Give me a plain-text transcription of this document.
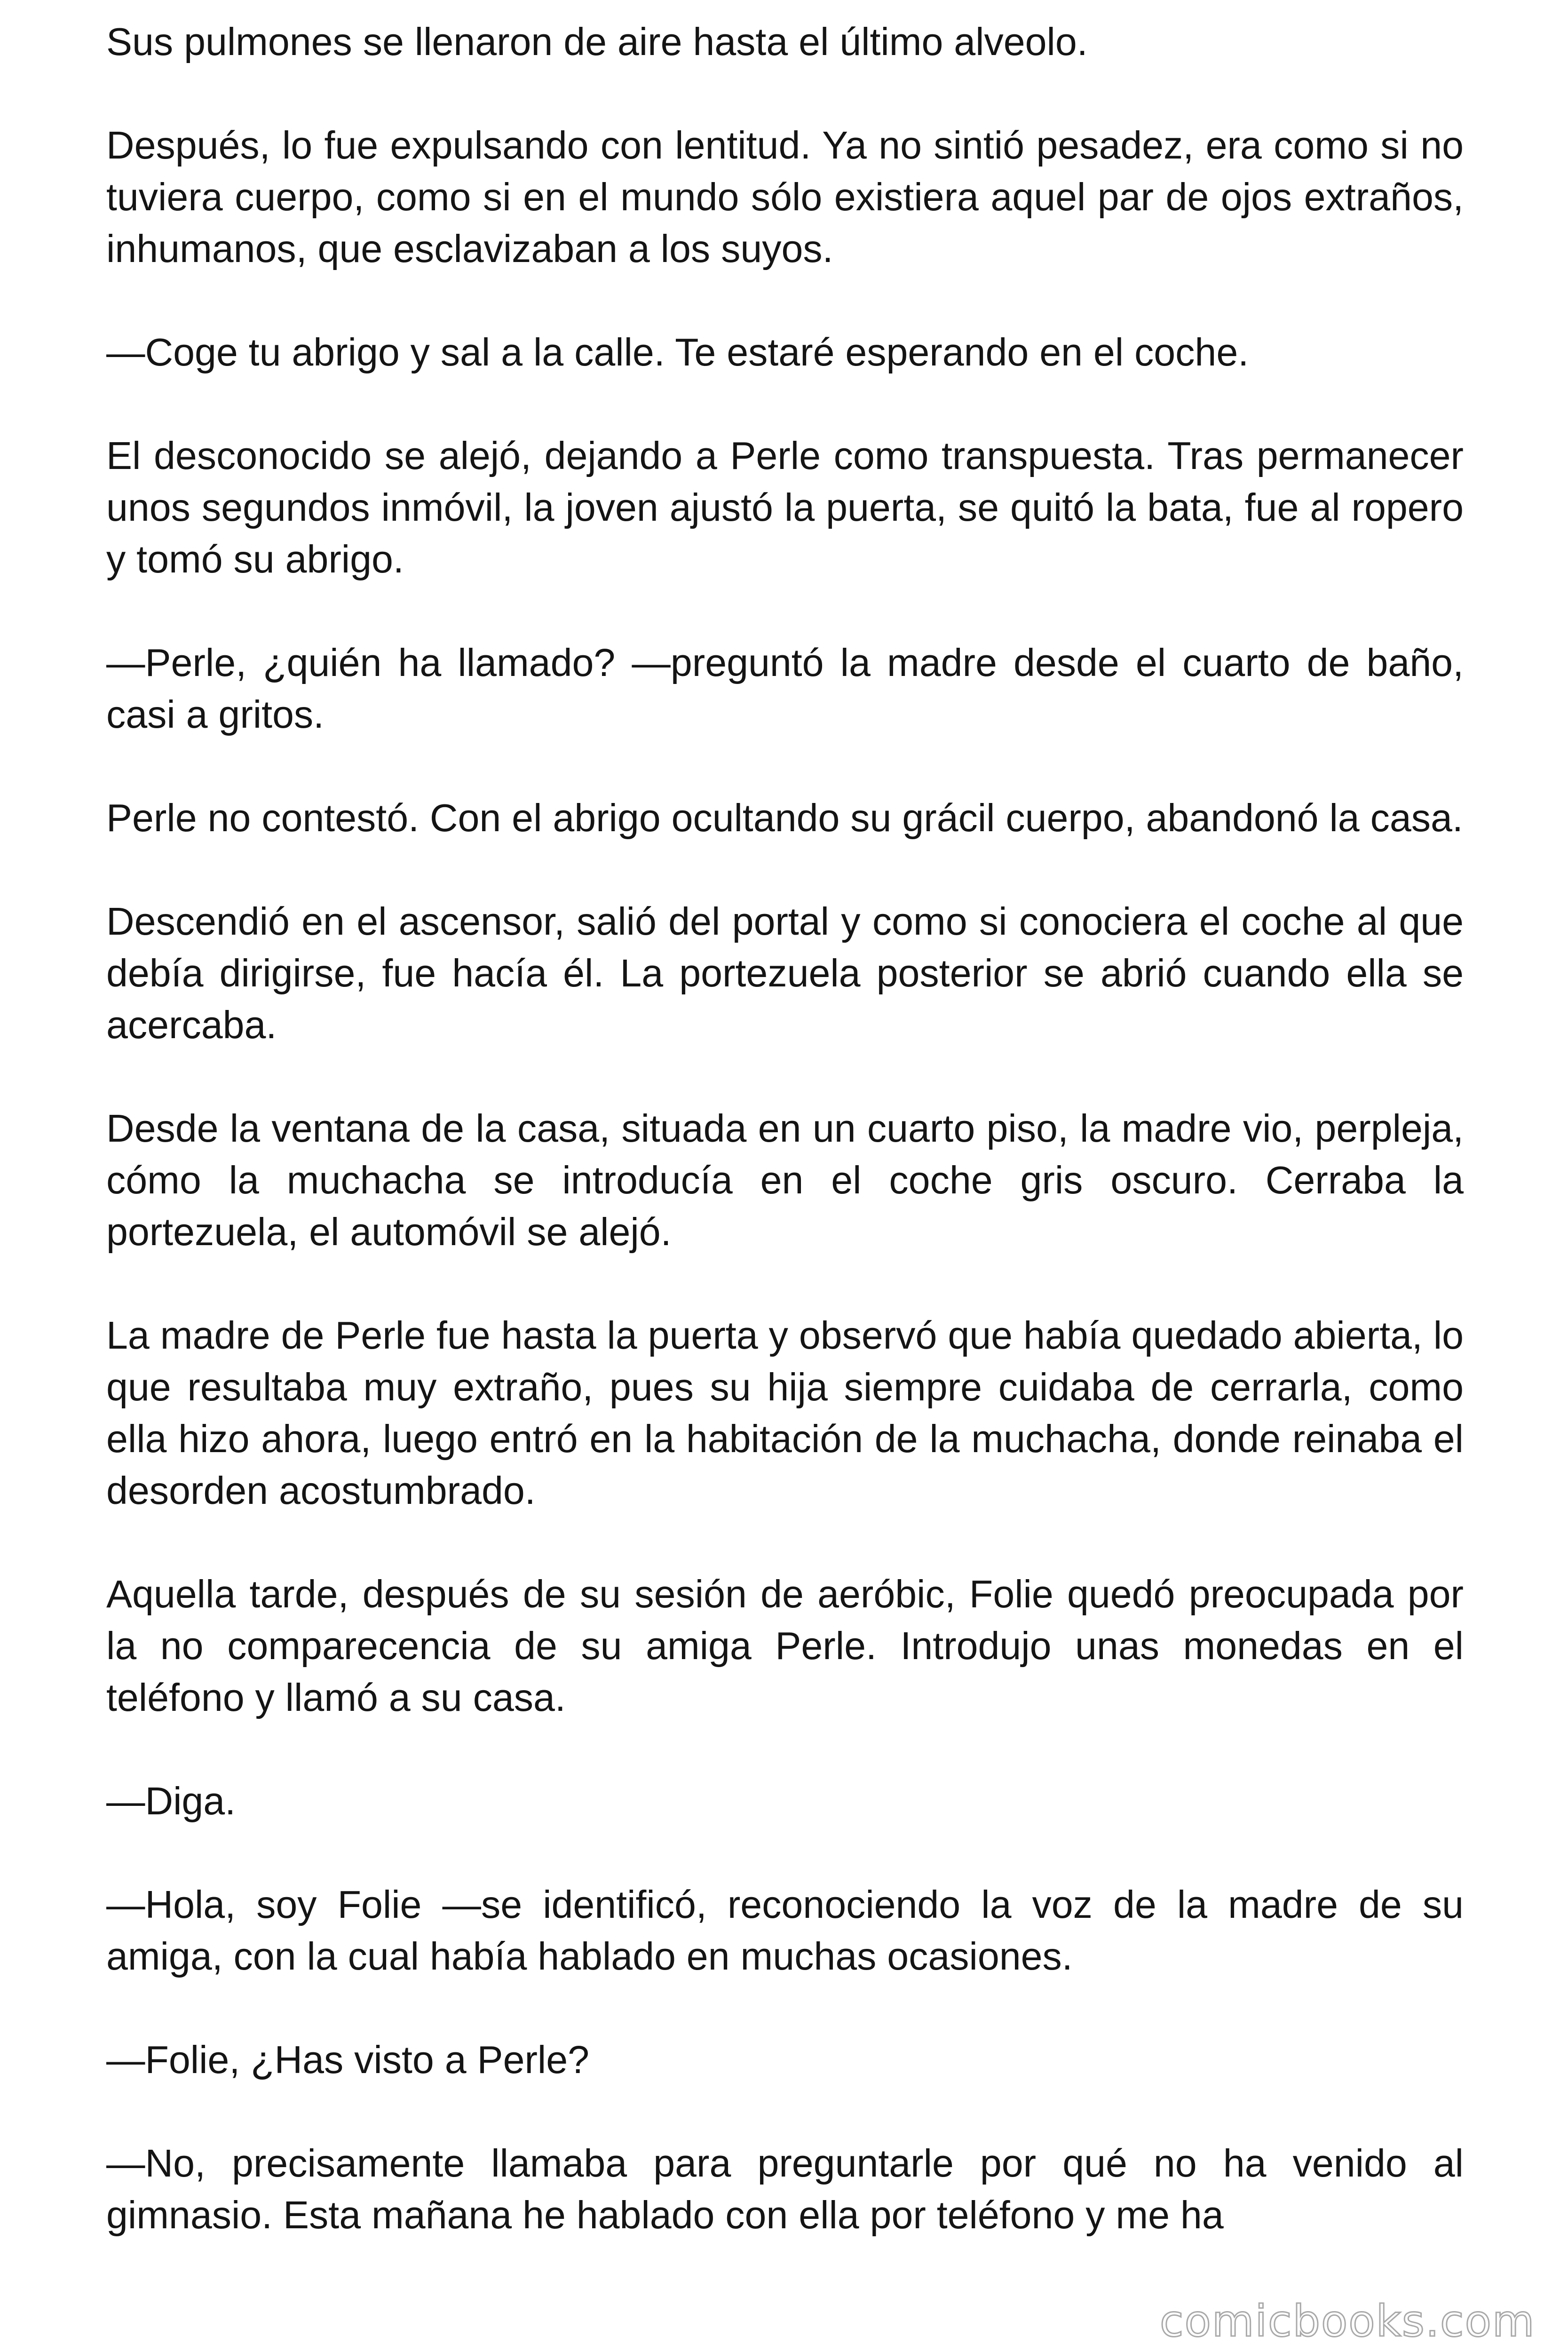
Sus pulmones se llenaron de aire hasta el último alveolo.

Después, lo fue expulsando con lentitud. Ya no sintió pesadez, era como si no tuviera cuerpo, como si en el mundo sólo existiera aquel par de ojos extraños, inhumanos, que esclavizaban a los suyos.

—Coge tu abrigo y sal a la calle. Te estaré esperando en el coche.

El desconocido se alejó, dejando a Perle como transpuesta. Tras permanecer unos segundos inmóvil, la joven ajustó la puerta, se quitó la bata, fue al ropero y tomó su abrigo.

—Perle, ¿quién ha llamado? —preguntó la madre desde el cuarto de baño, casi a gritos.

Perle no contestó. Con el abrigo ocultando su grácil cuerpo, abandonó la casa.

Descendió en el ascensor, salió del portal y como si conociera el coche al que debía dirigirse, fue hacía él. La portezuela posterior se abrió cuando ella se acercaba.

Desde la ventana de la casa, situada en un cuarto piso, la madre vio, perpleja, cómo la muchacha se introducía en el coche gris oscuro. Cerraba la portezuela, el automóvil se alejó.

La madre de Perle fue hasta la puerta y observó que había quedado abierta, lo que resultaba muy extraño, pues su hija siempre cuidaba de cerrarla, como ella hizo ahora, luego entró en la habitación de la muchacha, donde reinaba el desorden acostumbrado.

Aquella tarde, después de su sesión de aeróbic, Folie quedó preocupada por la no comparecencia de su amiga Perle. Introdujo unas monedas en el teléfono y llamó a su casa.

—Diga.

—Hola, soy Folie —se identificó, reconociendo la voz de la madre de su amiga, con la cual había hablado en muchas ocasiones.

—Folie, ¿Has visto a Perle?

—No, precisamente llamaba para preguntarle por qué no ha venido al gimnasio. Esta mañana he hablado con ella por teléfono y me ha

comicbooks.com
